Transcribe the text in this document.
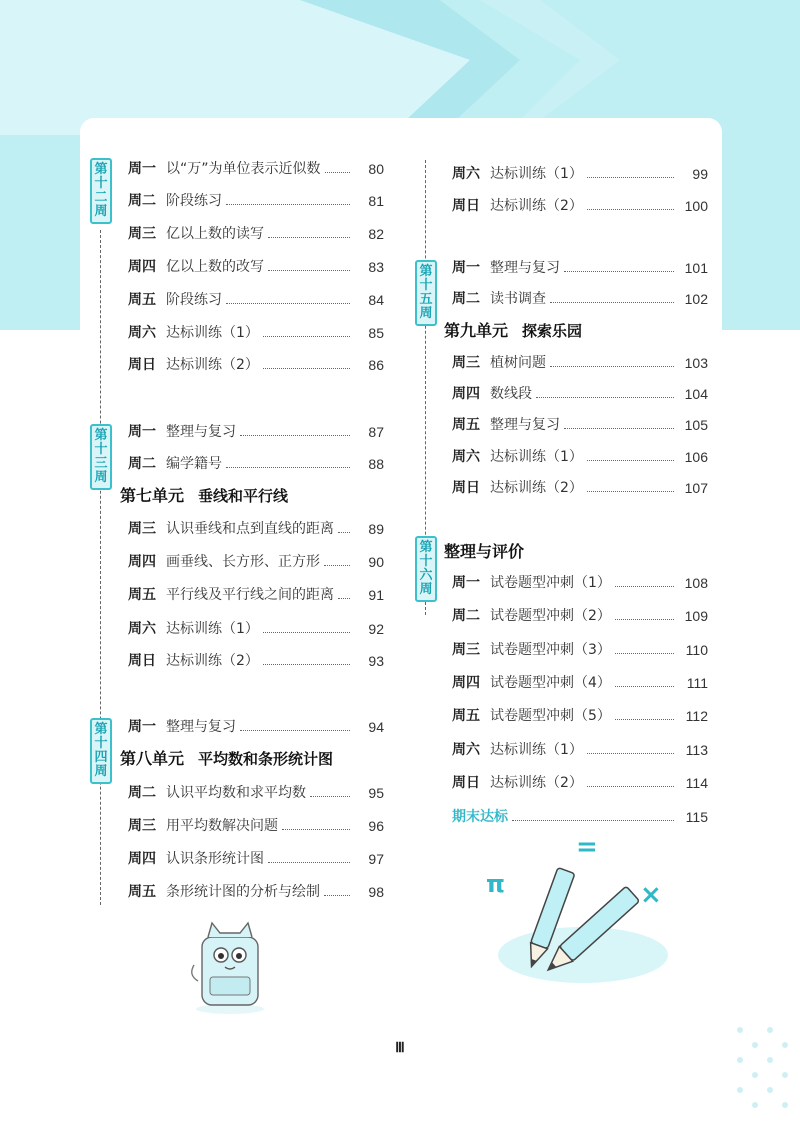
第
十
二
周
第
十
三
周
第
十
四
周
第
十
五
周
第
十
六
周
周一 以“万”为单位表示近似数	80
周二 阶段练习	81
周三 亿以上数的读写	82
周四 亿以上数的改写	83
周五 阶段练习	84
周六 达标训练（1）	85
周日 达标训练（2）	86
周一 整理与复习	87
周二 编学籍号	88
第七单元 垂线和平行线
周三 认识垂线和点到直线的距离	89
周四 画垂线、长方形、正方形	90
周五 平行线及平行线之间的距离	91
周六 达标训练（1）	92
周日 达标训练（2）	93
周一 整理与复习	94
第八单元 平均数和条形统计图
周二 认识平均数和求平均数	95
周三 用平均数解决问题	96
周四 认识条形统计图	97
周五 条形统计图的分析与绘制	98
周六 达标训练（1）	99
周日 达标训练（2）	100
周一 整理与复习	101
周二 读书调查	102
第九单元 探索乐园
周三 植树问题	103
周四 数线段	104
周五 整理与复习	105
周六 达标训练（1）	106
周日 达标训练（2）	107
整理与评价
周一 试卷题型冲刺（1）	108
周二 试卷题型冲刺（2）	109
周三 试卷题型冲刺（3）	110
周四 试卷题型冲刺（4）	111
周五 试卷题型冲刺（5）	112
周六 达标训练（1）	113
周日 达标训练（2）	114
期末达标	115
=
π	×
Ⅲ
